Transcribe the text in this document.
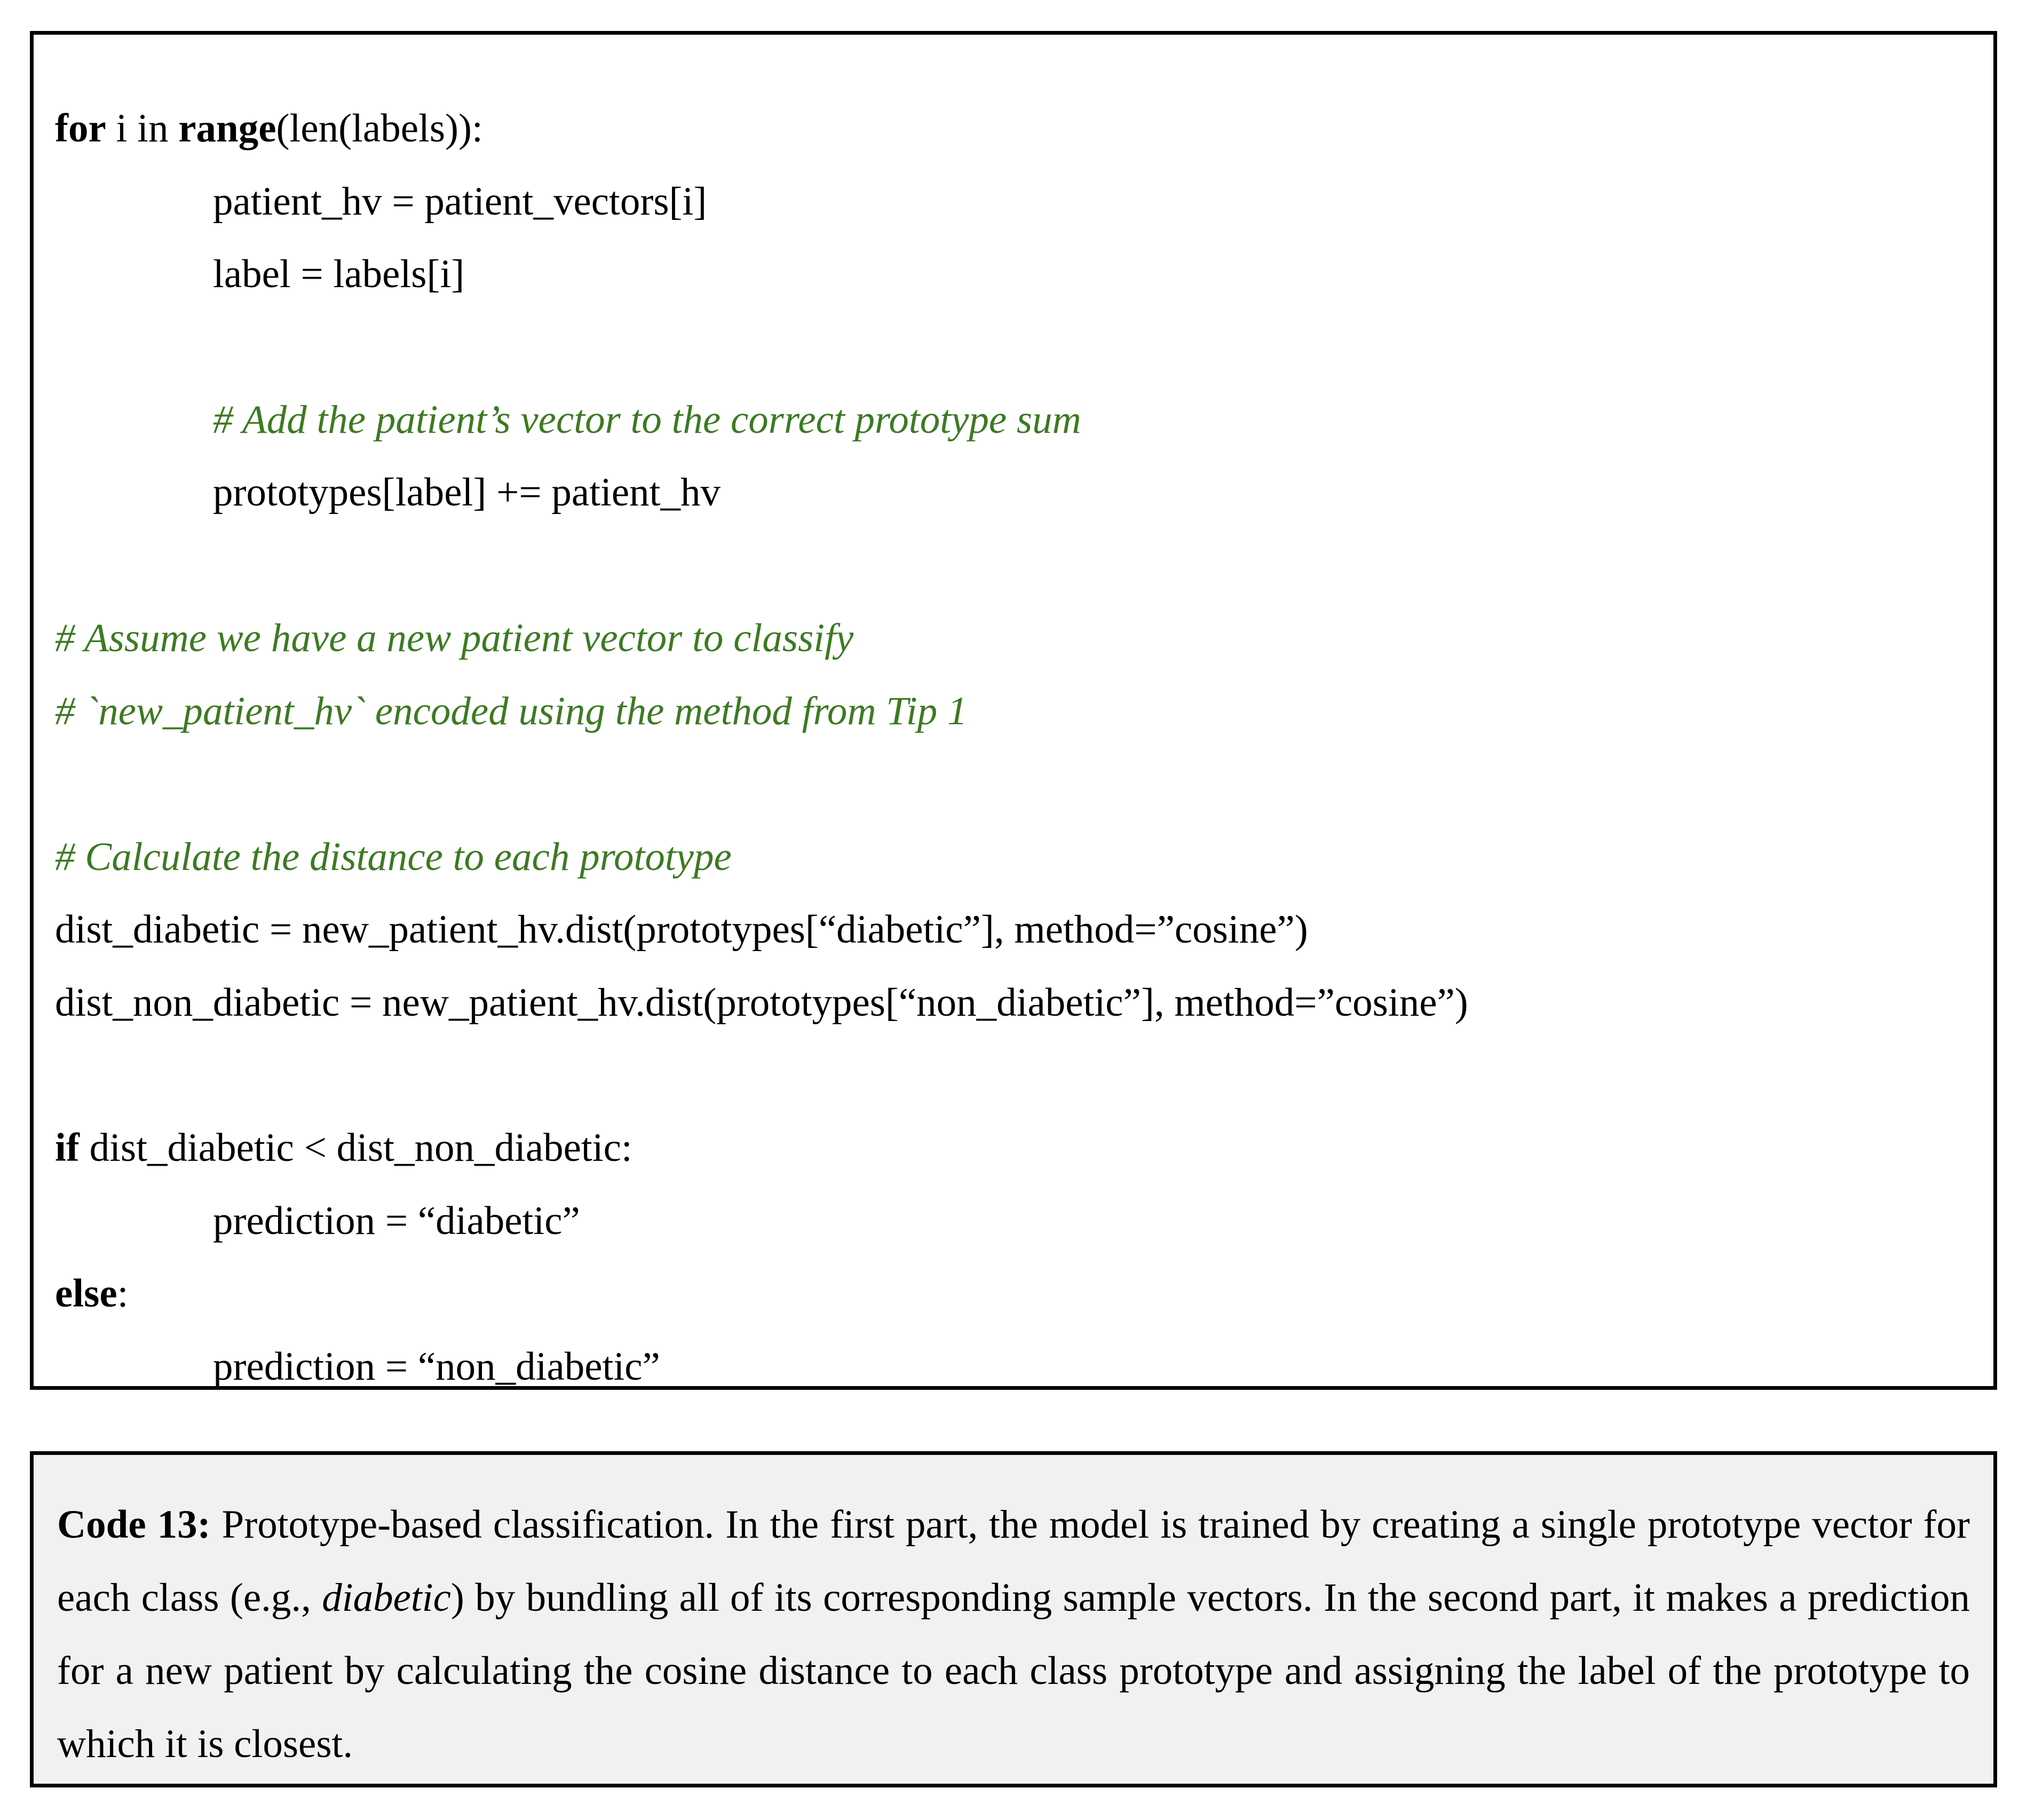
for i in range(len(labels)):
patient_hv = patient_vectors[i]
label = labels[i]
# Add the patient’s vector to the correct prototype sum
prototypes[label] += patient_hv
# Assume we have a new patient vector to classify
# `new_patient_hv` encoded using the method from Tip 1
# Calculate the distance to each prototype
dist_diabetic = new_patient_hv.dist(prototypes[“diabetic”], method=”cosine”)
dist_non_diabetic = new_patient_hv.dist(prototypes[“non_diabetic”], method=”cosine”)
if dist_diabetic < dist_non_diabetic:
prediction = “diabetic”
else:
prediction = “non_diabetic”
Code 13: Prototype-based classification. In the first part, the model is trained by creating a single prototype vector for each class (e.g., diabetic) by bundling all of its corresponding sample vectors. In the second part, it makes a prediction for a new patient by calculating the cosine distance to each class prototype and assigning the label of the prototype to which it is closest.
